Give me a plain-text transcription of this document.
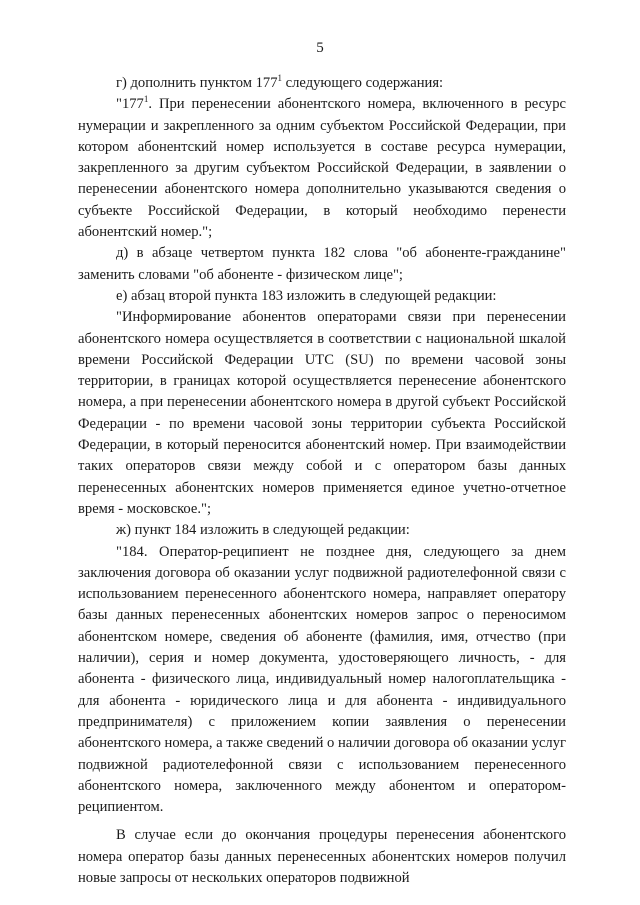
5

г) дополнить пунктом $177^1$ следующего содержания:

"$177^1$. При перенесении абонентского номера, включенного в ресурс нумерации и закрепленного за одним субъектом Российской Федерации, при котором абонентский номер используется в составе ресурса нумерации, закрепленного за другим субъектом Российской Федерации, в заявлении о перенесении абонентского номера дополнительно указываются сведения о субъекте Российской Федерации, в который необходимо перенести абонентский номер.";

д) в абзаце четвертом пункта 182 слова "об абоненте-гражданине" заменить словами "об абоненте - физическом лице";

е) абзац второй пункта 183 изложить в следующей редакции:

"Информирование абонентов операторами связи при перенесении абонентского номера осуществляется в соответствии с национальной шкалой времени Российской Федерации UTC (SU) по времени часовой зоны территории, в границах которой осуществляется перенесение абонентского номера, а при перенесении абонентского номера в другой субъект Российской Федерации - по времени часовой зоны территории субъекта Российской Федерации, в который переносится абонентский номер. При взаимодействии таких операторов связи между собой и с оператором базы данных перенесенных абонентских номеров применяется единое учетно-отчетное время - московское.";

ж) пункт 184 изложить в следующей редакции:

"184. Оператор-реципиент не позднее дня, следующего за днем заключения договора об оказании услуг подвижной радиотелефонной связи с использованием перенесенного абонентского номера, направляет оператору базы данных перенесенных абонентских номеров запрос о переносимом абонентском номере, сведения об абоненте (фамилия, имя, отчество (при наличии), серия и номер документа, удостоверяющего личность, - для абонента - физического лица, индивидуальный номер налогоплательщика - для абонента - юридического лица и для абонента - индивидуального предпринимателя) с приложением копии заявления о перенесении абонентского номера, а также сведений о наличии договора об оказании услуг подвижной радиотелефонной связи с использованием перенесенного абонентского номера, заключенного между абонентом и оператором-реципиентом.

В случае если до окончания процедуры перенесения абонентского номера оператор базы данных перенесенных абонентских номеров получил новые запросы от нескольких операторов подвижной
